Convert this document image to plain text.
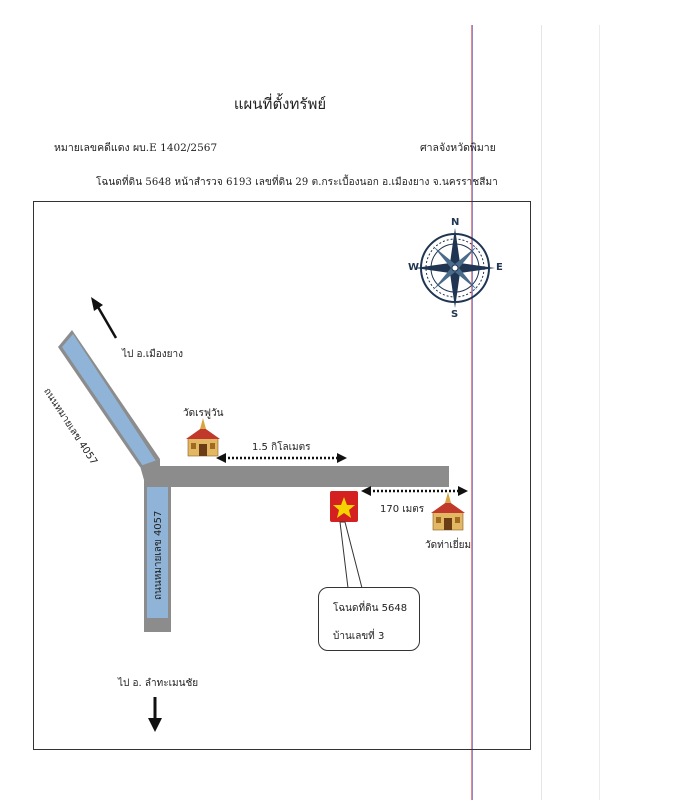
แผนที่ตั้งทรัพย์
หมายเลขคดีแดง ผบ.E 1402/2567	ศาลจังหวัดพิมาย
โฉนดที่ดิน 5648 หน้าสำรวจ 6193 เลขที่ดิน 29 ต.กระเบื้องนอก อ.เมืองยาง จ.นครราชสีมา
N
E
S
W
ไป อ.เมืองยาง
ไป อ. ลำทะเมนชัย
วัดเรฟูวัน
วัดท่าเยี่ยม
1.5 กิโลเมตร
170 เมตร
ถนนหมายเลข 4057
ถนนหมายเลข 4057
โฉนดที่ดิน 5648
บ้านเลขที่ 3
